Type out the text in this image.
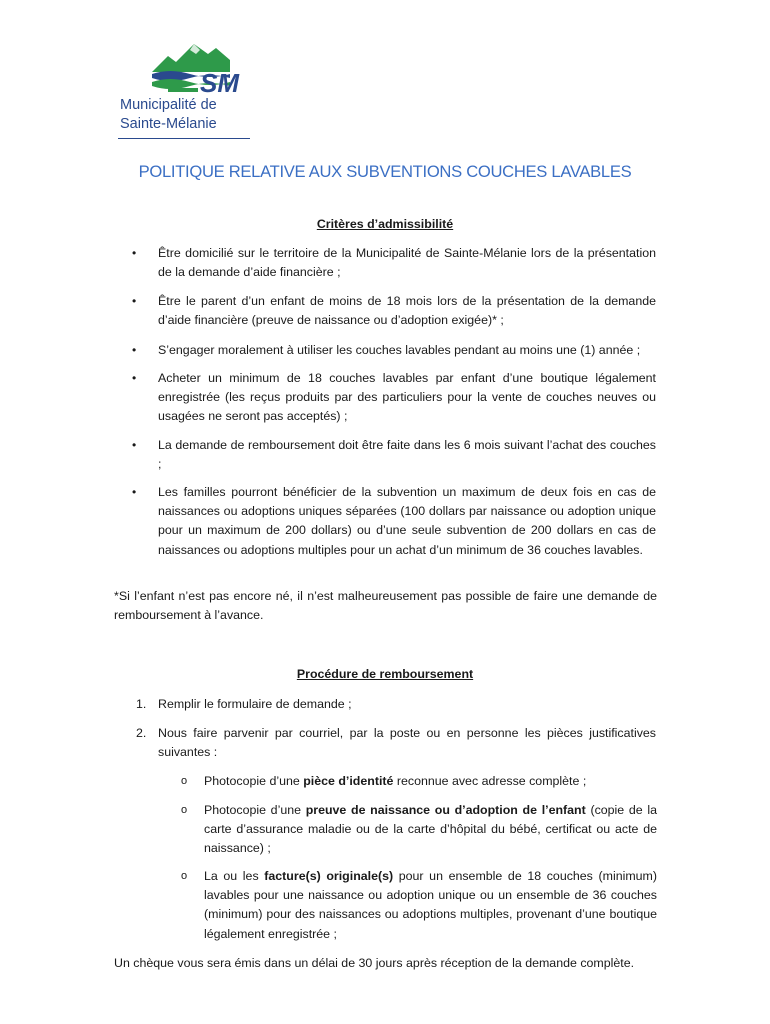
SM
Municipalité de
Sainte-Mélanie
POLITIQUE RELATIVE AUX SUBVENTIONS COUCHES LAVABLES
Critères d’admissibilité
• Être domicilié sur le territoire de la Municipalité de Sainte-Mélanie lors de la présentation de la demande d’aide financière ;
• Être le parent d’un enfant de moins de 18 mois lors de la présentation de la demande d’aide financière (preuve de naissance ou d’adoption exigée)* ;
• S’engager moralement à utiliser les couches lavables pendant au moins une (1) année ;
• Acheter un minimum de 18 couches lavables par enfant d’une boutique légalement enregistrée (les reçus produits par des particuliers pour la vente de couches neuves ou usagées ne seront pas acceptés) ;
• La demande de remboursement doit être faite dans les 6 mois suivant l’achat des couches ;
• Les familles pourront bénéficier de la subvention un maximum de deux fois en cas de naissances ou adoptions uniques séparées (100 dollars par naissance ou adoption unique pour un maximum de 200 dollars) ou d’une seule subvention de 200 dollars en cas de naissances ou adoptions multiples pour un achat d’un minimum de 36 couches lavables.
*Si l’enfant n’est pas encore né, il n’est malheureusement pas possible de faire une demande de remboursement à l’avance.
Procédure de remboursement
1. Remplir le formulaire de demande ;
2. Nous faire parvenir par courriel, par la poste ou en personne les pièces justificatives suivantes :
o Photocopie d’une pièce d’identité reconnue avec adresse complète ;
o Photocopie d’une preuve de naissance ou d’adoption de l’enfant (copie de la carte d’assurance maladie ou de la carte d’hôpital du bébé, certificat ou acte de naissance) ;
o La ou les facture(s) originale(s) pour un ensemble de 18 couches (minimum) lavables pour une naissance ou adoption unique ou un ensemble de 36 couches (minimum) pour des naissances ou adoptions multiples, provenant d’une boutique légalement enregistrée ;
Un chèque vous sera émis dans un délai de 30 jours après réception de la demande complète.
